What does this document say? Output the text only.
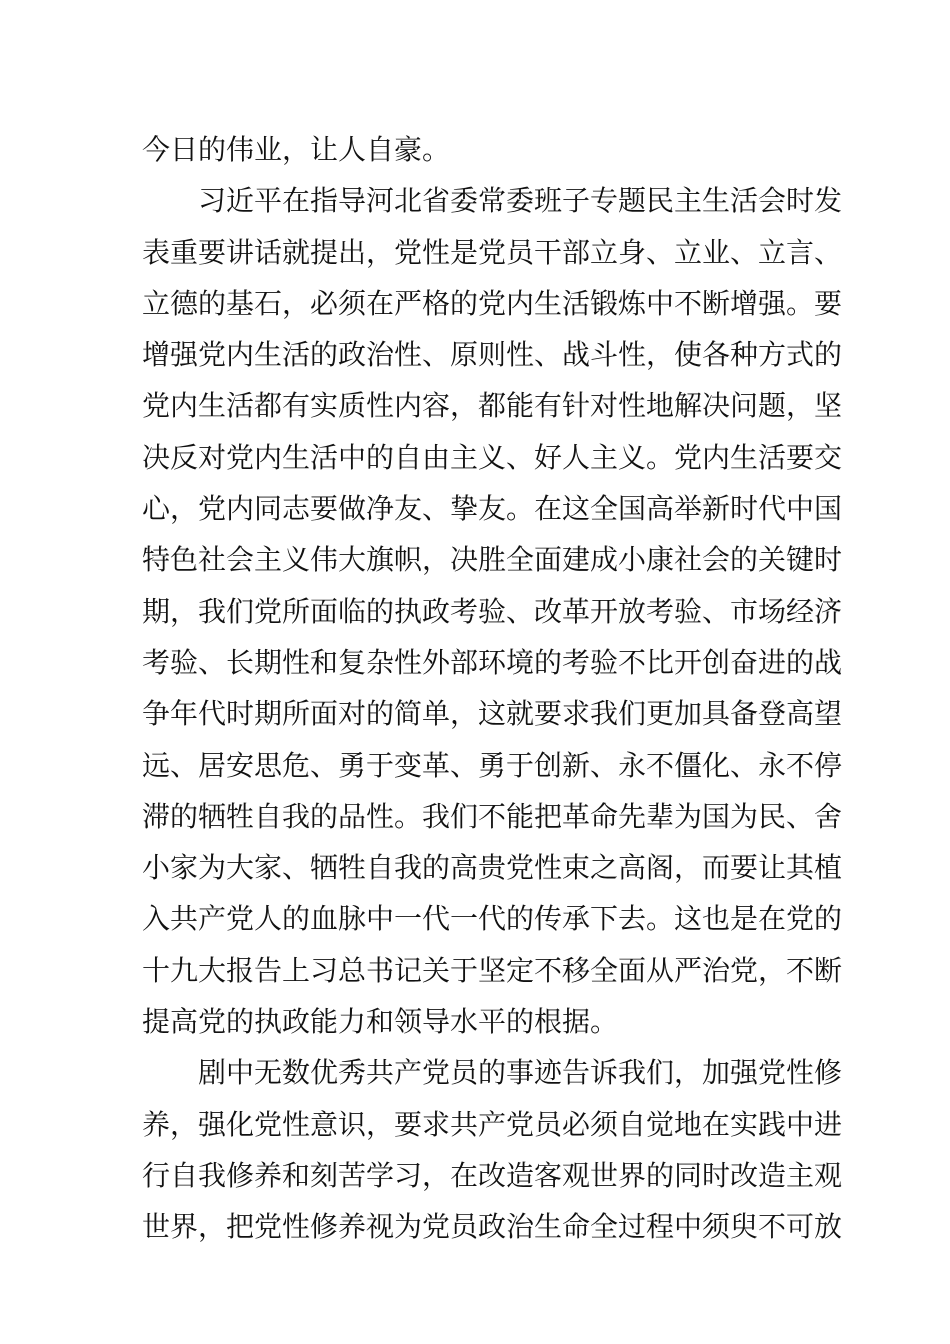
今日的伟业，让人自豪。
习近平在指导河北省委常委班子专题民主生活会时发
表重要讲话就提出，党性是党员干部立身、立业、立言、
立德的基石，必须在严格的党内生活锻炼中不断增强。要
增强党内生活的政治性、原则性、战斗性，使各种方式的
党内生活都有实质性内容，都能有针对性地解决问题，坚
决反对党内生活中的自由主义、好人主义。党内生活要交
心，党内同志要做净友、挚友。在这全国高举新时代中国
特色社会主义伟大旗帜，决胜全面建成小康社会的关键时
期，我们党所面临的执政考验、改革开放考验、市场经济
考验、长期性和复杂性外部环境的考验不比开创奋进的战
争年代时期所面对的简单，这就要求我们更加具备登高望
远、居安思危、勇于变革、勇于创新、永不僵化、永不停
滞的牺牲自我的品性。我们不能把革命先辈为国为民、舍
小家为大家、牺牲自我的高贵党性束之高阁，而要让其植
入共产党人的血脉中一代一代的传承下去。这也是在党的
十九大报告上习总书记关于坚定不移全面从严治党，不断
提高党的执政能力和领导水平的根据。
剧中无数优秀共产党员的事迹告诉我们，加强党性修
养，强化党性意识，要求共产党员必须自觉地在实践中进
行自我修养和刻苦学习，在改造客观世界的同时改造主观
世界，把党性修养视为党员政治生命全过程中须臾不可放
